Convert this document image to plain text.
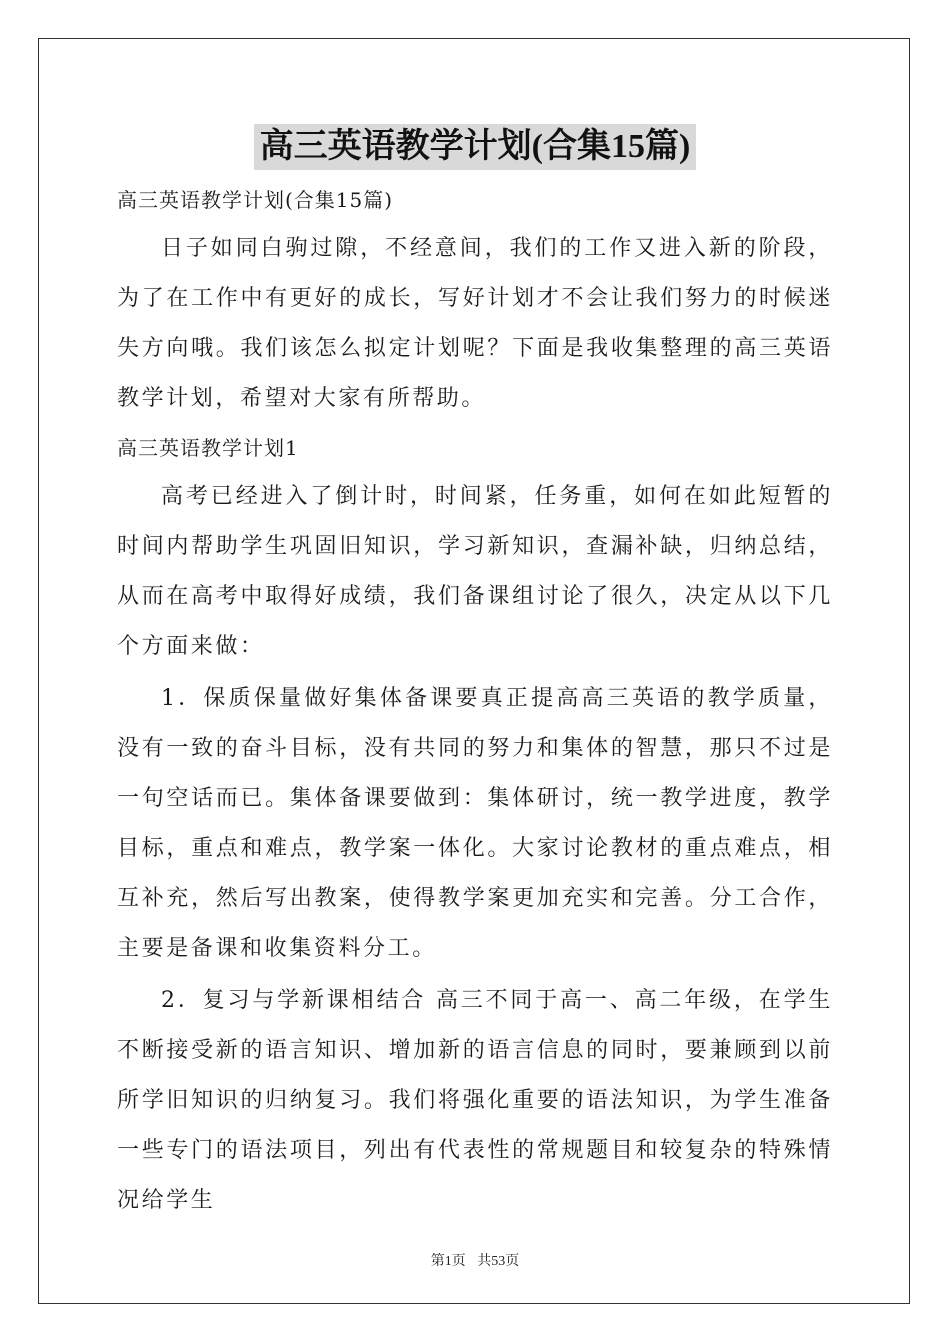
高三英语教学计划(合集15篇)

高三英语教学计划(合集15篇)

日子如同白驹过隙，不经意间，我们的工作又进入新的阶段，为了在工作中有更好的成长，写好计划才不会让我们努力的时候迷失方向哦。我们该怎么拟定计划呢？下面是我收集整理的高三英语教学计划，希望对大家有所帮助。

高三英语教学计划1

高考已经进入了倒计时，时间紧，任务重，如何在如此短暂的时间内帮助学生巩固旧知识，学习新知识，查漏补缺，归纳总结，从而在高考中取得好成绩，我们备课组讨论了很久，决定从以下几个方面来做：

1．保质保量做好集体备课要真正提高高三英语的教学质量，没有一致的奋斗目标，没有共同的努力和集体的智慧，那只不过是一句空话而已。集体备课要做到：集体研讨，统一教学进度，教学目标，重点和难点，教学案一体化。大家讨论教材的重点难点，相互补充，然后写出教案，使得教学案更加充实和完善。分工合作，主要是备课和收集资料分工。

2．复习与学新课相结合 高三不同于高一、高二年级，在学生不断接受新的语言知识、增加新的语言信息的同时，要兼顾到以前所学旧知识的归纳复习。我们将强化重要的语法知识，为学生准备一些专门的语法项目，列出有代表性的常规题目和较复杂的特殊情况给学生

第1页 共53页
